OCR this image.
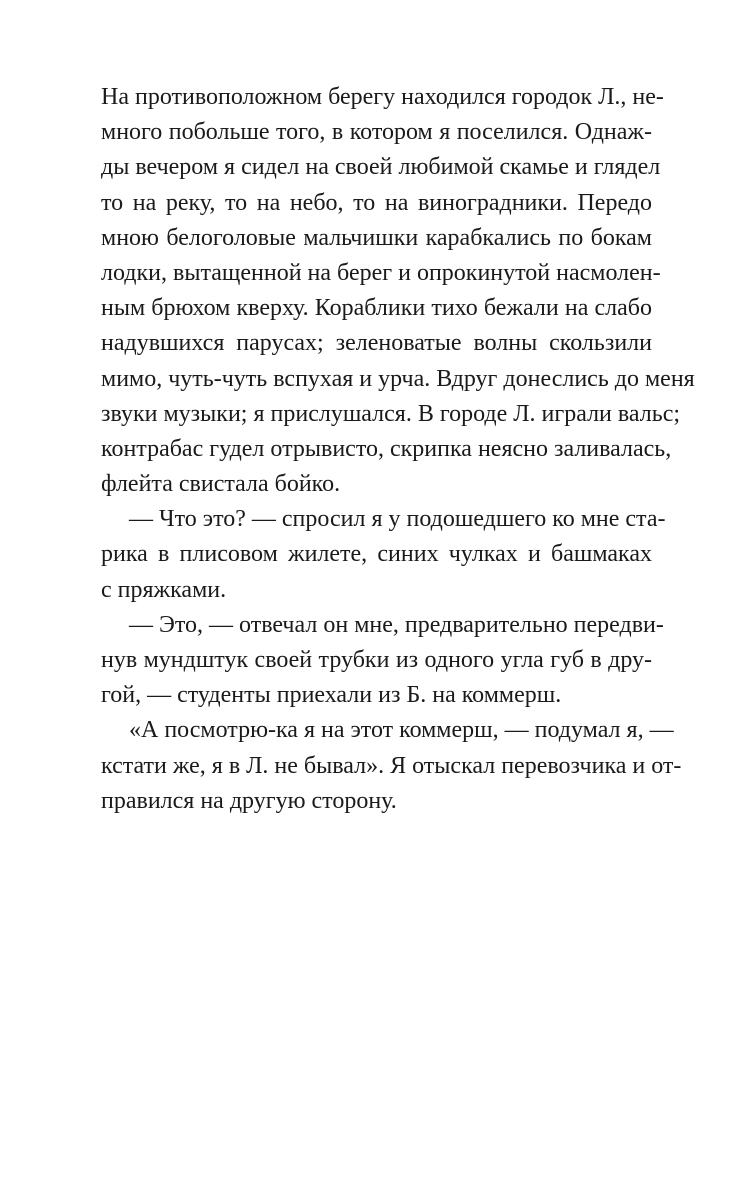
На противоположном берегу находился городок Л., не-
много побольше того, в котором я поселился. Однаж-
ды вечером я сидел на своей любимой скамье и глядел
то на реку, то на небо, то на виноградники. Передо
мною белоголовые мальчишки карабкались по бокам
лодки, вытащенной на берег и опрокинутой насмолен-
ным брюхом кверху. Кораблики тихо бежали на слабо
надувшихся парусах; зеленоватые волны скользили
мимо, чуть-чуть вспухая и урча. Вдруг донеслись до меня
звуки музыки; я прислушался. В городе Л. играли вальс;
контрабас гудел отрывисто, скрипка неясно заливалась,
флейта свистала бойко.
— Что это? — спросил я у подошедшего ко мне ста-
рика в плисовом жилете, синих чулках и башмаках
с пряжками.
— Это, — отвечал он мне, предварительно передви-
нув мундштук своей трубки из одного угла губ в дру-
гой, — студенты приехали из Б. на коммерш.
«А посмотрю-ка я на этот коммерш, — подумал я, —
кстати же, я в Л. не бывал». Я отыскал перевозчика и от-
правился на другую сторону.
